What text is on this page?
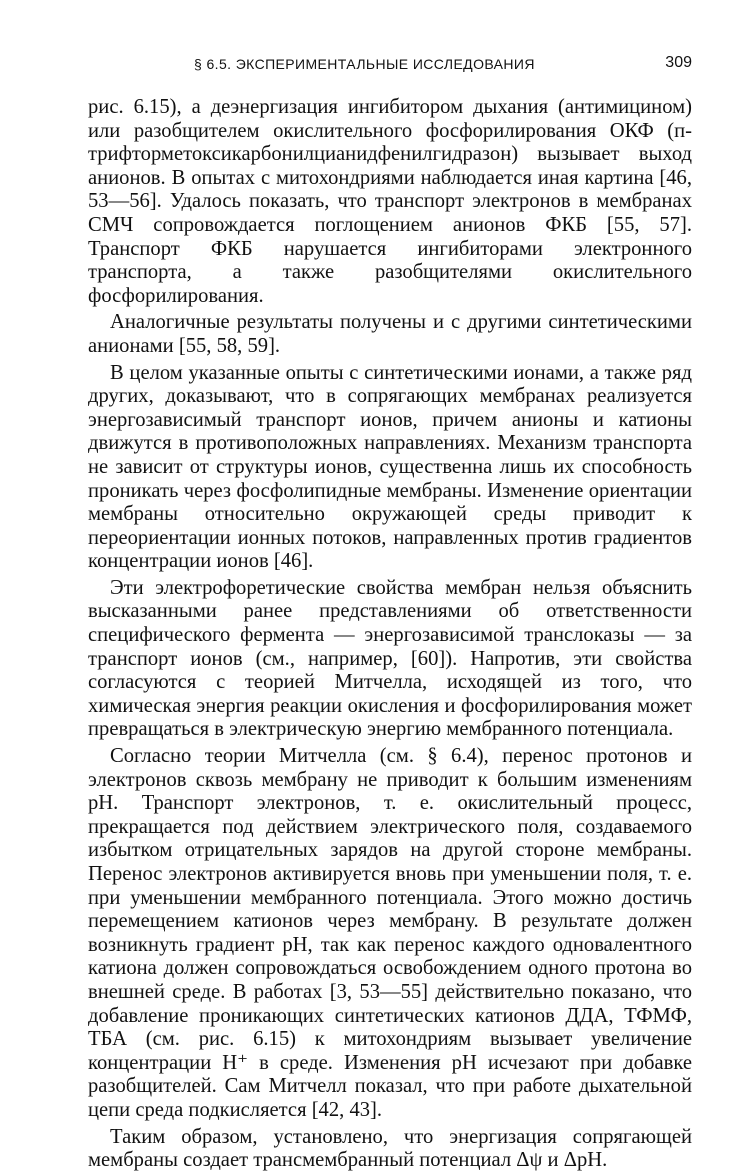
§ 6.5. ЭКСПЕРИМЕНТАЛЬНЫЕ ИССЛЕДОВАНИЯ	309

рис. 6.15), а деэнергизация ингибитором дыхания (антимицином) или разобщителем окислительного фосфорилирования ОКФ (п-трифторметоксикарбонилцианидфенилгидразон) вызывает выход анионов. В опытах с митохондриями наблюдается иная картина [46, 53—56]. Удалось показать, что транспорт электронов в мембранах СМЧ сопровождается поглощением анионов ФКБ [55, 57]. Транспорт ФКБ нарушается ингибиторами электронного транспорта, а также разобщителями окислительного фосфорилирования.

Аналогичные результаты получены и с другими синтетическими анионами [55, 58, 59].

В целом указанные опыты с синтетическими ионами, а также ряд других, доказывают, что в сопрягающих мембранах реализуется энергозависимый транспорт ионов, причем анионы и катионы движутся в противоположных направлениях. Механизм транспорта не зависит от структуры ионов, существенна лишь их способность проникать через фосфолипидные мембраны. Изменение ориентации мембраны относительно окружающей среды приводит к переориентации ионных потоков, направленных против градиентов концентрации ионов [46].

Эти электрофоретические свойства мембран нельзя объяснить высказанными ранее представлениями об ответственности специфического фермента — энергозависимой транслоказы — за транспорт ионов (см., например, [60]). Напротив, эти свойства согласуются с теорией Митчелла, исходящей из того, что химическая энергия реакции окисления и фосфорилирования может превращаться в электрическую энергию мембранного потенциала.

Согласно теории Митчелла (см. § 6.4), перенос протонов и электронов сквозь мембрану не приводит к большим изменениям pH. Транспорт электронов, т. е. окислительный процесс, прекращается под действием электрического поля, создаваемого избытком отрицательных зарядов на другой стороне мембраны. Перенос электронов активируется вновь при уменьшении поля, т. е. при уменьшении мембранного потенциала. Этого можно достичь перемещением катионов через мембрану. В результате должен возникнуть градиент pH, так как перенос каждого одновалентного катиона должен сопровождаться освобождением одного протона во внешней среде. В работах [3, 53—55] действительно показано, что добавление проникающих синтетических катионов ДДА, ТФМФ, ТБА (см. рис. 6.15) к митохондриям вызывает увеличение концентрации H⁺ в среде. Изменения pH исчезают при добавке разобщителей. Сам Митчелл показал, что при работе дыхательной цепи среда подкисляется [42, 43].

Таким образом, установлено, что энергизация сопрягающей мембраны создает трансмембранный потенциал Δψ и ΔpH.
